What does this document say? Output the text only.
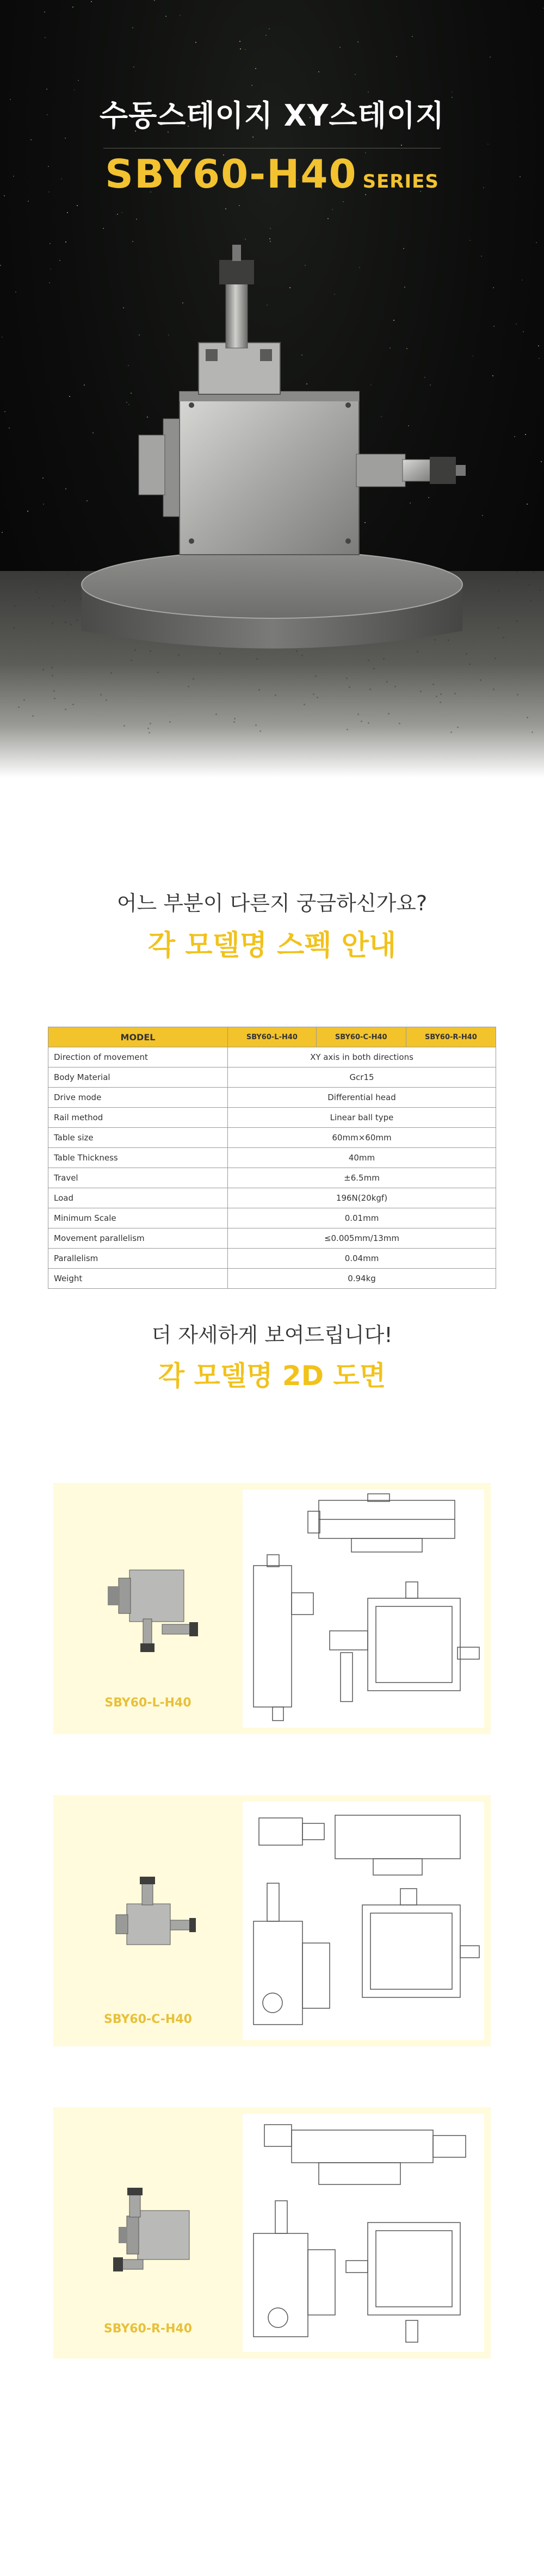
수동스테이지 XY스테이지
SBY60-H40 SERIES
어느 부분이 다른지 궁금하신가요?
각 모델명 스펙 안내
MODEL	SBY60-L-H40	SBY60-C-H40	SBY60-R-H40
Direction of movement	XY axis in both directions		
Body Material	Gcr15		
Drive mode	Differential head		
Rail method	Linear ball type		
Table size	60mm×60mm		
Table Thickness	40mm		
Travel	±6.5mm		
Load	196N(20kgf)		
Minimum Scale	0.01mm		
Movement parallelism	≤0.005mm/13mm		
Parallelism	0.04mm		
Weight	0.94kg		
더 자세하게 보여드립니다!
각 모델명 2D 도면
SBY60-L-H40
SBY60-C-H40
SBY60-R-H40
